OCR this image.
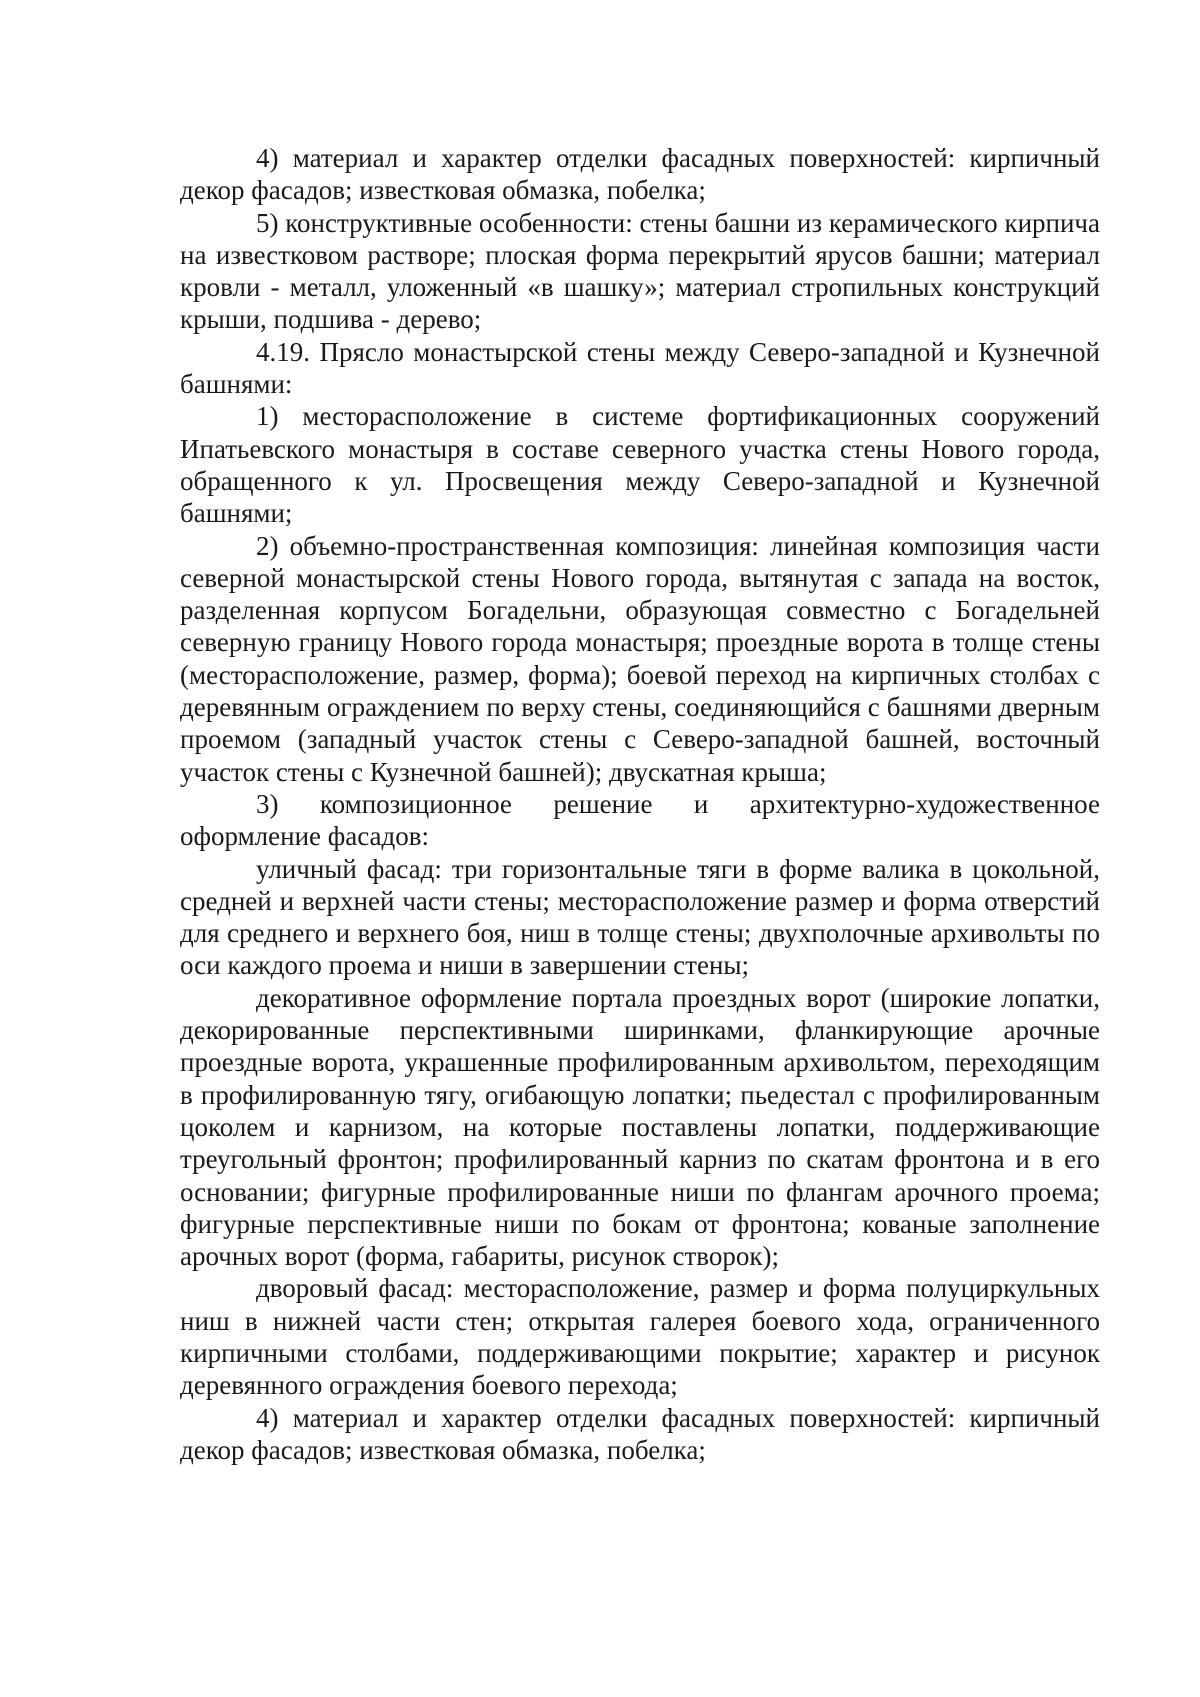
4) материал и характер отделки фасадных поверхностей: кирпичный декор фасадов; известковая обмазка, побелка;

5) конструктивные особенности: стены башни из керамического кирпича на известковом растворе; плоская форма перекрытий ярусов башни; материал кровли - металл, уложенный «в шашку»; материал стропильных конструкций крыши, подшива - дерево;

4.19. Прясло монастырской стены между Северо-западной и Кузнечной башнями:

1) месторасположение в системе фортификационных сооружений Ипатьевского монастыря в составе северного участка стены Нового города, обращенного к ул. Просвещения между Северо-западной и Кузнечной башнями;

2) объемно-пространственная композиция: линейная композиция части северной монастырской стены Нового города, вытянутая с запада на восток, разделенная корпусом Богадельни, образующая совместно с Богадельней северную границу Нового города монастыря; проездные ворота в толще стены (месторасположение, размер, форма); боевой переход на кирпичных столбах с деревянным ограждением по верху стены, соединяющийся с башнями дверным проемом (западный участок стены с Северо-западной башней, восточный участок стены с Кузнечной башней); двускатная крыша;

3) композиционное решение и архитектурно-художественное оформление фасадов:

уличный фасад: три горизонтальные тяги в форме валика в цокольной, средней и верхней части стены; месторасположение размер и форма отверстий для среднего и верхнего боя, ниш в толще стены; двухполочные архивольты по оси каждого проема и ниши в завершении стены;

декоративное оформление портала проездных ворот (широкие лопатки, декорированные перспективными ширинками, фланкирующие арочные проездные ворота, украшенные профилированным архивольтом, переходящим в профилированную тягу, огибающую лопатки; пьедестал с профилированным цоколем и карнизом, на которые поставлены лопатки, поддерживающие треугольный фронтон; профилированный карниз по скатам фронтона и в его основании; фигурные профилированные ниши по флангам арочного проема; фигурные перспективные ниши по бокам от фронтона; кованые заполнение арочных ворот (форма, габариты, рисунок створок);

дворовый фасад: месторасположение, размер и форма полуциркульных ниш в нижней части стен; открытая галерея боевого хода, ограниченного кирпичными столбами, поддерживающими покрытие; характер и рисунок деревянного ограждения боевого перехода;

4) материал и характер отделки фасадных поверхностей: кирпичный декор фасадов; известковая обмазка, побелка;
